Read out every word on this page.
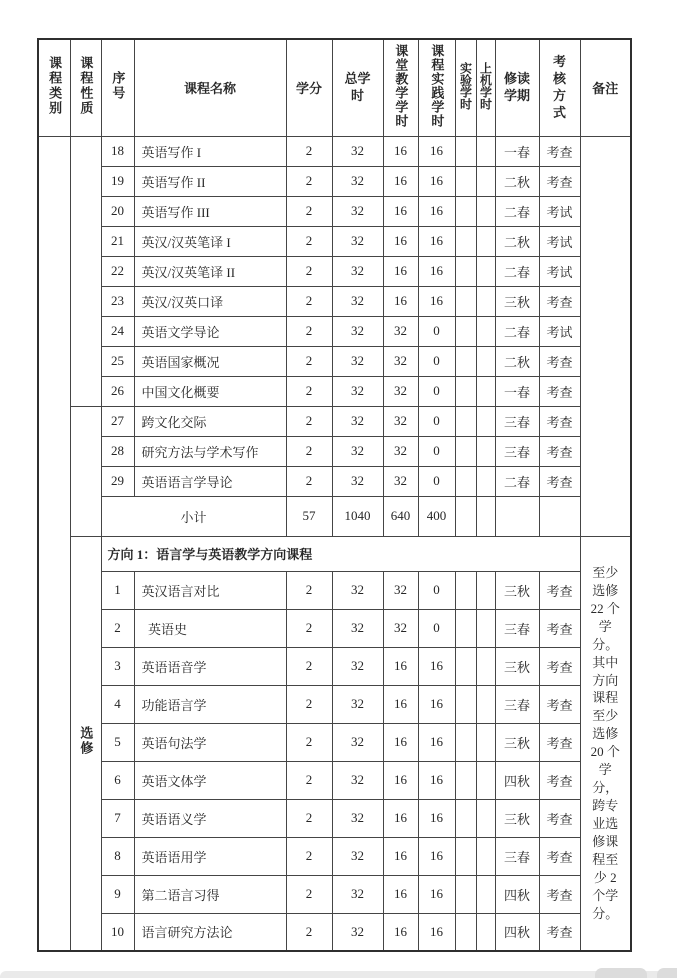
课程类别	课程性质	序号	课程名称	学分	总学时	课堂教学学时	课程实践学时	实验学时	上机学时	修读学期	考核方式	备注
		18	英语写作 I	2	32	16	16			一春	考查	
		19	英语写作 II	2	32	16	16			二秋	考查	
		20	英语写作 III	2	32	16	16			二春	考试	
		21	英汉/汉英笔译 I	2	32	16	16			二秋	考试	
		22	英汉/汉英笔译 II	2	32	16	16			二春	考试	
		23	英汉/汉英口译	2	32	16	16			三秋	考查	
		24	英语文学导论	2	32	32	0			二春	考试	
		25	英语国家概况	2	32	32	0			二秋	考查	
		26	中国文化概要	2	32	32	0			一春	考查	
		27	跨文化交际	2	32	32	0			三春	考查	
		28	研究方法与学术写作	2	32	32	0			三春	考查	
		29	英语语言学导论	2	32	32	0			二春	考查	
		小计		57	1040	640	400					
	选修	方向 1：语言学与英语教学方向课程										至少选修 22 个学分。其中方向课程至少选修 20 个学分，跨专业选修课程至少 2 个学分。
		1	英汉语言对比	2	32	32	0			三秋	考查	
		2	 英语史	2	32	32	0			三春	考查	
		3	英语语音学	2	32	16	16			三秋	考查	
		4	功能语言学	2	32	16	16			三春	考查	
		5	英语句法学	2	32	16	16			三秋	考查	
		6	英语文体学	2	32	16	16			四秋	考查	
		7	英语语义学	2	32	16	16			三秋	考查	
		8	英语语用学	2	32	16	16			三春	考查	
		9	第二语言习得	2	32	16	16			四秋	考查	
		10	语言研究方法论	2	32	16	16			四秋	考查	
